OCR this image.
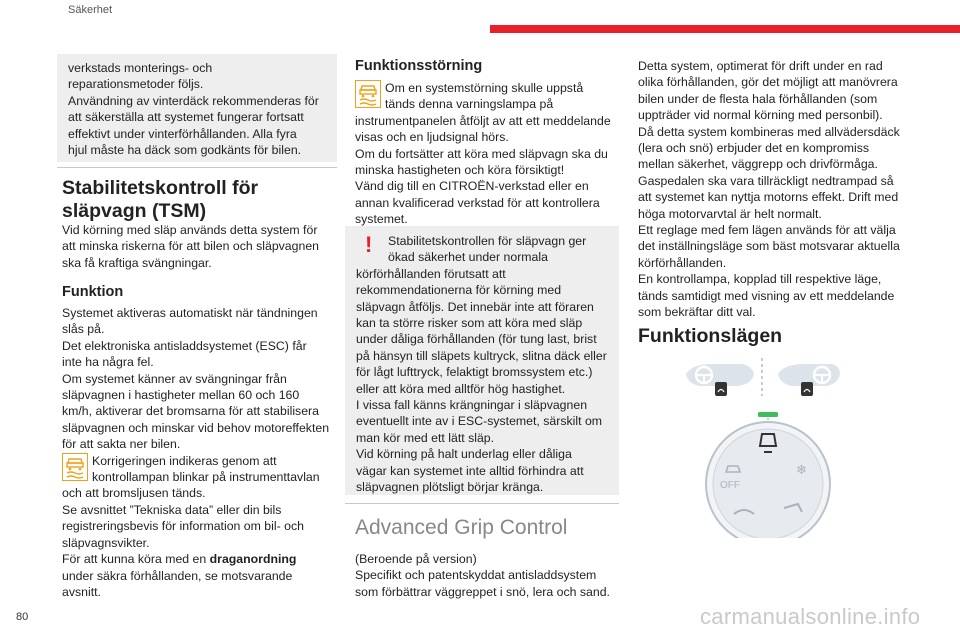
Säkerhet

verkstads monterings- och

reparationsmetoder följs.

Användning av vinterdäck rekommenderas för

att säkerställa att systemet fungerar fortsatt

effektivt under vinterförhållanden. Alla fyra

hjul måste ha däck som godkänts för bilen.

Stabilitetskontroll för

släpvagn (TSM)

Vid körning med släp används detta system för

att minska riskerna för att bilen och släpvagnen

ska få kraftiga svängningar.

Funktion

Systemet aktiveras automatiskt när tändningen

slås på.

Det elektroniska antisladdsystemet (ESC) får

inte ha några fel.

Om systemet känner av svängningar från

släpvagnen i hastigheter mellan 60 och 160

km/h, aktiverar det bromsarna för att stabilisera

släpvagnen och minskar vid behov motoreffekten

för att sakta ner bilen.

Korrigeringen indikeras genom att

kontrollampan blinkar på instrumenttavlan

och att bromsljusen tänds.

Se avsnittet ”Tekniska data” eller din bils

registreringsbevis för information om bil- och

släpvagnsvikter.

För att kunna köra med en draganordning

under säkra förhållanden, se motsvarande

avsnitt.

Funktionsstörning

Om en systemstörning skulle uppstå

tänds denna varningslampa på

instrumentpanelen åtföljt av att ett meddelande

visas och en ljudsignal hörs.

Om du fortsätter att köra med släpvagn ska du

minska hastigheten och köra försiktigt!

Vänd dig till en CITROËN-verkstad eller en

annan kvalificerad verkstad för att kontrollera

systemet.

!	Stabilitetskontrollen för släpvagn ger

ökad säkerhet under normala

körförhållanden förutsatt att

rekommendationerna för körning med

släpvagn åtföljs. Det innebär inte att föraren

kan ta större risker som att köra med släp

under dåliga förhållanden (för tung last, brist

på hänsyn till släpets kultryck, slitna däck eller

för lågt lufttryck, felaktigt bromssystem etc.)

eller att köra med alltför hög hastighet.

I vissa fall känns krängningar i släpvagnen

eventuellt inte av i ESC-systemet, särskilt om

man kör med ett lätt släp.

Vid körning på halt underlag eller dåliga

vägar kan systemet inte alltid förhindra att

släpvagnen plötsligt börjar kränga.

Advanced Grip Control

(Beroende på version)

Specifikt och patentskyddat antisladdsystem

som förbättrar väggreppet i snö, lera och sand.

Detta system, optimerat för drift under en rad

olika förhållanden, gör det möjligt att manövrera

bilen under de flesta hala förhållanden (som

uppträder vid normal körning med personbil).

Då detta system kombineras med allvädersdäck

(lera och snö) erbjuder det en kompromiss

mellan säkerhet, väggrepp och drivförmåga.

Gaspedalen ska vara tillräckligt nedtrampad så

att systemet kan nyttja motorns effekt. Drift med

höga motorvarvtal är helt normalt.

Ett reglage med fem lägen används för att välja

det inställningsläge som bäst motsvarar aktuella

körförhållanden.

En kontrollampa, kopplad till respektive läge,

tänds samtidigt med visning av ett meddelande

som bekräftar ditt val.

Funktionslägen

OFF
❄
80	carmanualsonline.info
